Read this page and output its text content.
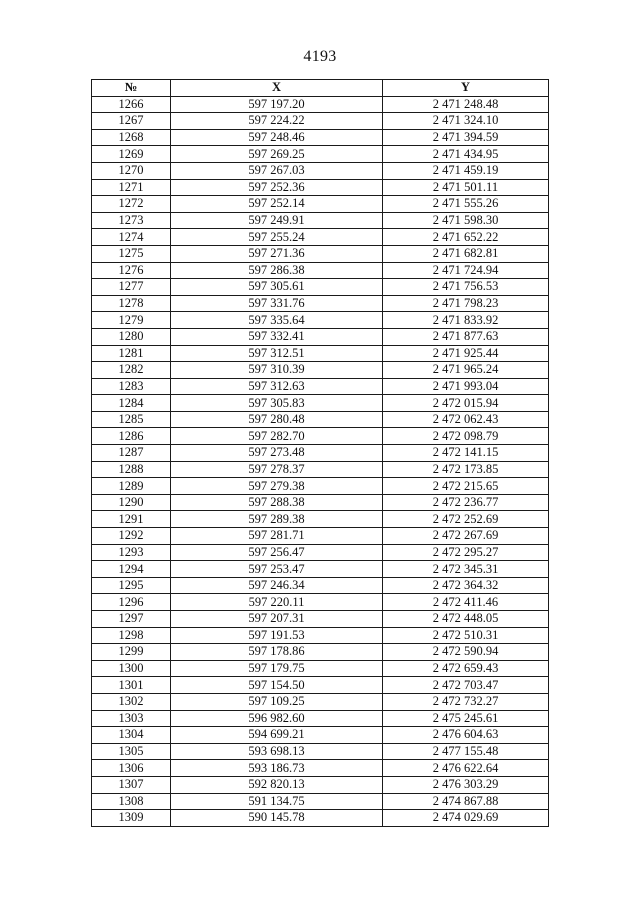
4193
№	X	Y
1266	597 197.20	2 471 248.48
1267	597 224.22	2 471 324.10
1268	597 248.46	2 471 394.59
1269	597 269.25	2 471 434.95
1270	597 267.03	2 471 459.19
1271	597 252.36	2 471 501.11
1272	597 252.14	2 471 555.26
1273	597 249.91	2 471 598.30
1274	597 255.24	2 471 652.22
1275	597 271.36	2 471 682.81
1276	597 286.38	2 471 724.94
1277	597 305.61	2 471 756.53
1278	597 331.76	2 471 798.23
1279	597 335.64	2 471 833.92
1280	597 332.41	2 471 877.63
1281	597 312.51	2 471 925.44
1282	597 310.39	2 471 965.24
1283	597 312.63	2 471 993.04
1284	597 305.83	2 472 015.94
1285	597 280.48	2 472 062.43
1286	597 282.70	2 472 098.79
1287	597 273.48	2 472 141.15
1288	597 278.37	2 472 173.85
1289	597 279.38	2 472 215.65
1290	597 288.38	2 472 236.77
1291	597 289.38	2 472 252.69
1292	597 281.71	2 472 267.69
1293	597 256.47	2 472 295.27
1294	597 253.47	2 472 345.31
1295	597 246.34	2 472 364.32
1296	597 220.11	2 472 411.46
1297	597 207.31	2 472 448.05
1298	597 191.53	2 472 510.31
1299	597 178.86	2 472 590.94
1300	597 179.75	2 472 659.43
1301	597 154.50	2 472 703.47
1302	597 109.25	2 472 732.27
1303	596 982.60	2 475 245.61
1304	594 699.21	2 476 604.63
1305	593 698.13	2 477 155.48
1306	593 186.73	2 476 622.64
1307	592 820.13	2 476 303.29
1308	591 134.75	2 474 867.88
1309	590 145.78	2 474 029.69
